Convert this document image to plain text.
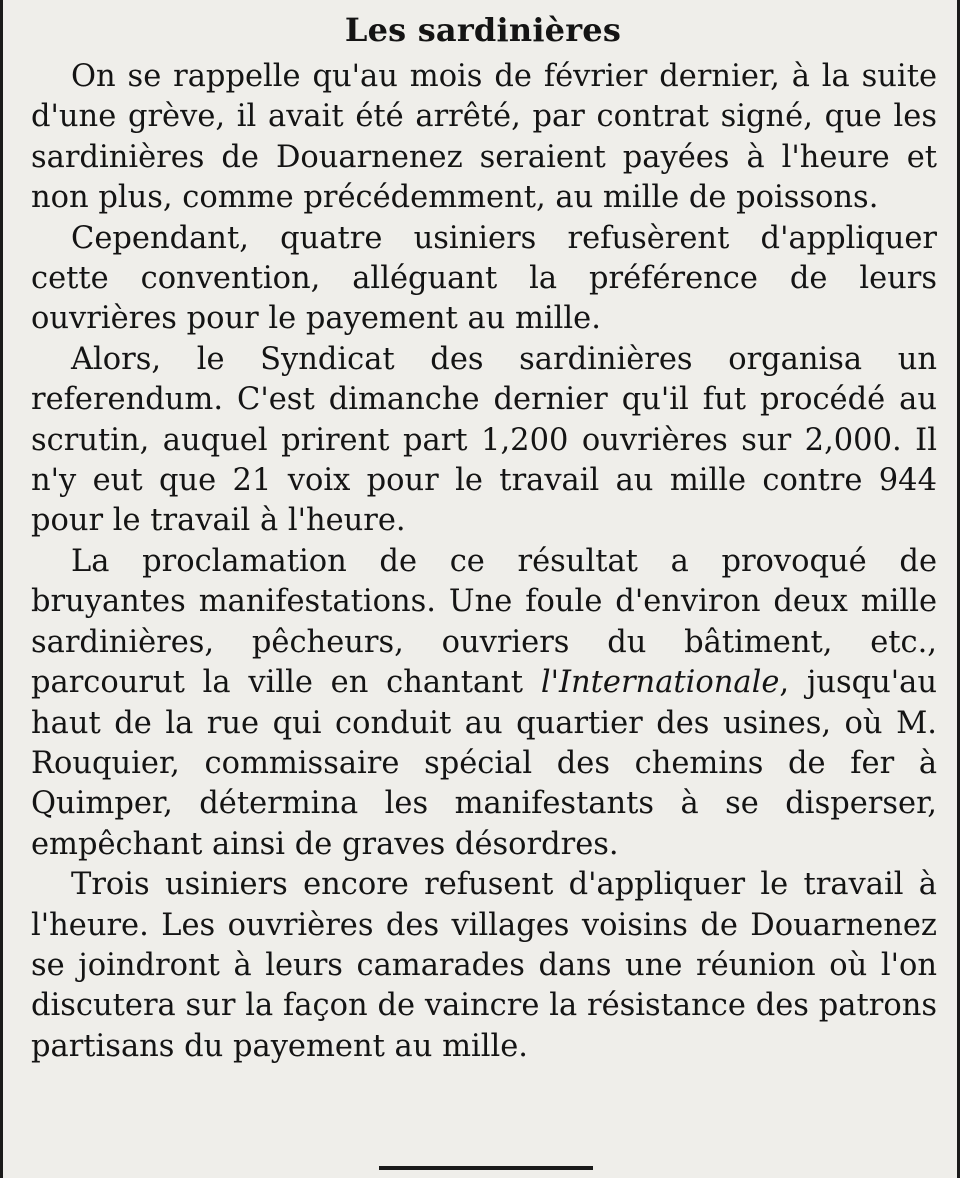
Les sardinières

On se rappelle qu'au mois de février dernier, à la suite d'une grève, il avait été arrêté, par contrat signé, que les sardinières de Douarnenez seraient payées à l'heure et non plus, comme précédemment, au mille de poissons.

Cependant, quatre usiniers refusèrent d'appliquer cette convention, alléguant la préférence de leurs ouvrières pour le payement au mille.

Alors, le Syndicat des sardinières organisa un referendum. C'est dimanche dernier qu'il fut procédé au scrutin, auquel prirent part 1,200 ouvrières sur 2,000. Il n'y eut que 21 voix pour le travail au mille contre 944 pour le travail à l'heure.

La proclamation de ce résultat a provoqué de bruyantes manifestations. Une foule d'environ deux mille sardinières, pêcheurs, ouvriers du bâtiment, etc., parcourut la ville en chantant l'Internationale, jusqu'au haut de la rue qui conduit au quartier des usines, où M. Rouquier, commissaire spécial des chemins de fer à Quimper, détermina les manifestants à se disperser, empêchant ainsi de graves désordres.

Trois usiniers encore refusent d'appliquer le travail à l'heure. Les ouvrières des villages voisins de Douarnenez se joindront à leurs camarades dans une réunion où l'on discutera sur la façon de vaincre la résistance des patrons partisans du payement au mille.
